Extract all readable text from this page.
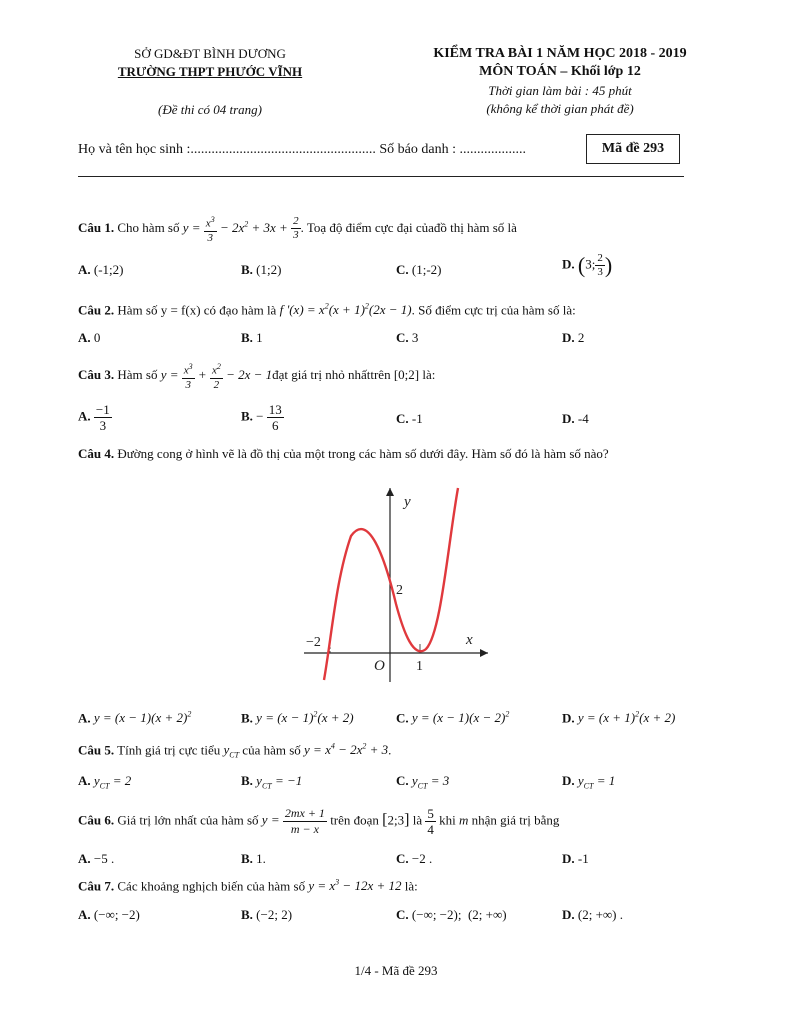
SỞ GD&ĐT BÌNH DƯƠNG
TRƯỜNG THPT PHƯỚC VĨNH
(Đề thi có 04 trang)
KIỂM TRA BÀI 1 NĂM HỌC 2018 - 2019
MÔN TOÁN – Khối lớp 12
Thời gian làm bài : 45 phút
(không kể thời gian phát đề)
Họ và tên học sinh :..................................................... Số báo danh : ...................	Mã đề 293
Câu 1. Cho hàm số $y = \frac{x^3}{3} - 2x^2 + 3x + \frac{2}{3}$ . Toạ độ điểm cực đại củađồ thị hàm số là
A. (-1;2)	B. (1;2)	C. (1;-2)	D. (3; $\frac{2}{3}$ )
Câu 2. Hàm số y = f(x) có đạo hàm là f '$(x) = x^2(x + 1)^2(2x - 1)$. Số điểm cực trị của hàm số là:
A. 0	B. 1	C. 3	D. 2
Câu 3. Hàm số $y = \frac{x^3}{3} + \frac{x^2}{2} - 2x$ − 1đạt giá trị nhỏ nhấttrên [0;2] là:
A. $\frac{-1}{3}$	B. − $\frac{13}{6}$	C. -1	D. -4
Câu 4. Đường cong ở hình vẽ là đồ thị của một trong các hàm số dưới đây. Hàm số đó là hàm số nào?
y
x
O
−2
1
2
A. $y = (x - 1)(x + 2)^2$	B. $y = (x - 1)^2(x + 2)$	C. $y = (x - 1)(x - 2)^2$	D. $y = (x + 1)^2(x + 2)$
Câu 5. Tính giá trị cực tiểu $y_{CT}$ của hàm số $y = x^4 - 2x^2 + 3$.
A. $y_{CT} = 2$	B. $y_{CT} = -1$	C. $y_{CT} = 3$	D. $y_{CT} = 1$
Câu 6. Giá trị lớn nhất của hàm số $y = \frac{2mx + 1}{m - x}$ trên đoạn [2;3] là $\frac{5}{4}$ khi m nhận giá trị bằng
A. −5 .	B. 1.	C. −2 .	D. -1
Câu 7. Các khoảng nghịch biến của hàm số $y = x^3 - 12x + 12$ là:
A. (−∞; −2)	B. (−2; 2)	C. (−∞; −2);  (2; +∞)	D. (2; +∞) .
1/4 - Mã đề 293
